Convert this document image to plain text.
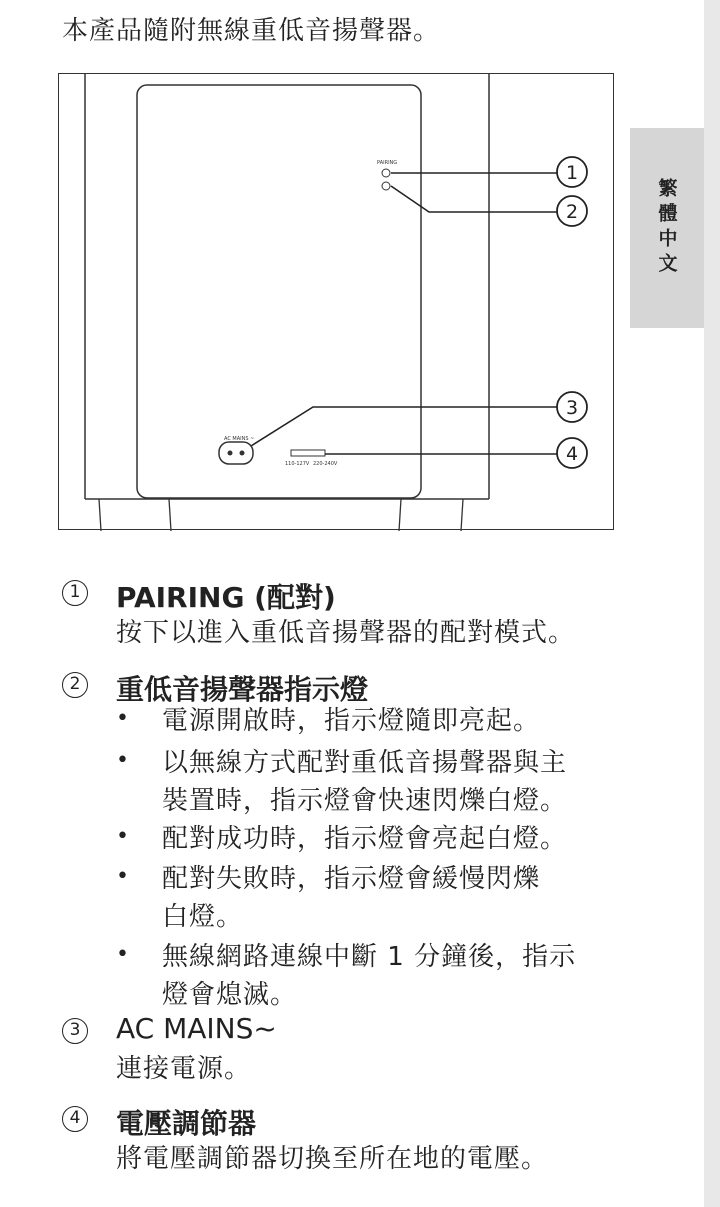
繁體中文
本產品隨附無線重低音揚聲器。
PAIRING
AC MAINS ~
110-127V 220-240V
1
2
3
4
1 PAIRING (配對)
按下以進入重低音揚聲器的配對模式。
2 重低音揚聲器指示燈
• 電源開啟時，指示燈隨即亮起。
• 以無線方式配對重低音揚聲器與主
裝置時，指示燈會快速閃爍白燈。
• 配對成功時，指示燈會亮起白燈。
• 配對失敗時，指示燈會緩慢閃爍
白燈。
• 無線網路連線中斷 1 分鐘後，指示
燈會熄滅。
3 AC MAINS~
連接電源。
4 電壓調節器
將電壓調節器切換至所在地的電壓。
